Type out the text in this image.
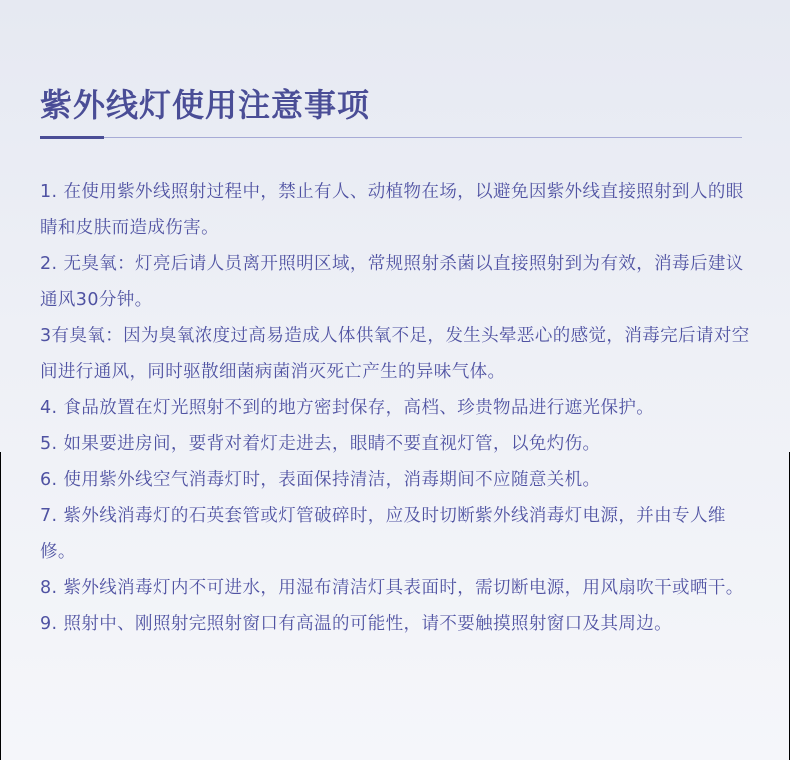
紫外线灯使用注意事项
1. 在使用紫外线照射过程中，禁止有人、动植物在场，以避免因紫外线直接照射到人的眼睛和皮肤而造成伤害。
2. 无臭氧：灯亮后请人员离开照明区域，常规照射杀菌以直接照射到为有效，消毒后建议通风30分钟。
3有臭氧：因为臭氧浓度过高易造成人体供氧不足，发生头晕恶心的感觉，消毒完后请对空间进行通风，同时驱散细菌病菌消灭死亡产生的异味气体。
4. 食品放置在灯光照射不到的地方密封保存，高档、珍贵物品进行遮光保护。
5. 如果要进房间，要背对着灯走进去，眼睛不要直视灯管，以免灼伤。
6. 使用紫外线空气消毒灯时，表面保持清洁，消毒期间不应随意关机。
7. 紫外线消毒灯的石英套管或灯管破碎时，应及时切断紫外线消毒灯电源，并由专人维修。
8. 紫外线消毒灯内不可进水，用湿布清洁灯具表面时，需切断电源，用风扇吹干或晒干。
9. 照射中、刚照射完照射窗口有高温的可能性，请不要触摸照射窗口及其周边。
